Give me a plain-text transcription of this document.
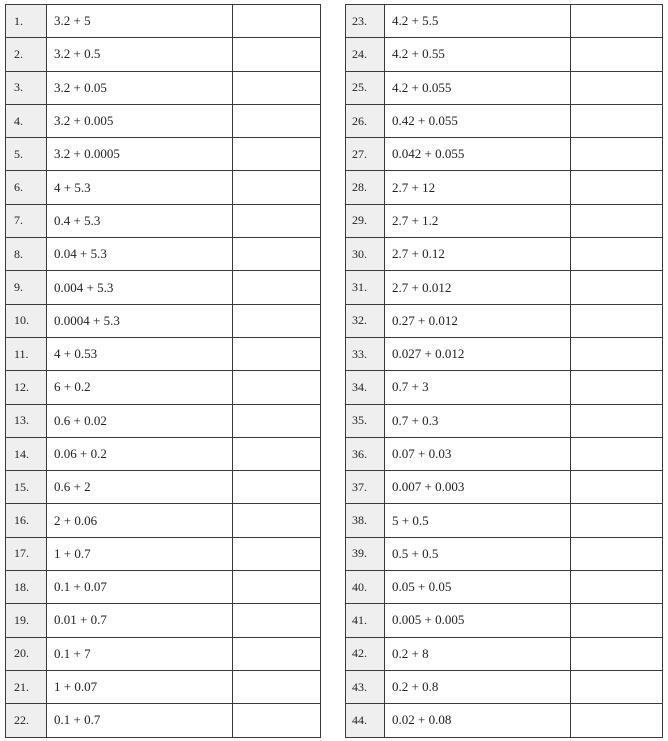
1.	3.2 + 5	
2.	3.2 + 0.5	
3.	3.2 + 0.05	
4.	3.2 + 0.005	
5.	3.2 + 0.0005	
6.	4 + 5.3	
7.	0.4 + 5.3	
8.	0.04 + 5.3	
9.	0.004 + 5.3	
10.	0.0004 + 5.3	
11.	4 + 0.53	
12.	6 + 0.2	
13.	0.6 + 0.02	
14.	0.06 + 0.2	
15.	0.6 + 2	
16.	2 + 0.06	
17.	1 + 0.7	
18.	0.1 + 0.07	
19.	0.01 + 0.7	
20.	0.1 + 7	
21.	1 + 0.07	
22.	0.1 + 0.7	
23.	4.2 + 5.5	
24.	4.2 + 0.55	
25.	4.2 + 0.055	
26.	0.42 + 0.055	
27.	0.042 + 0.055	
28.	2.7 + 12	
29.	2.7 + 1.2	
30.	2.7 + 0.12	
31.	2.7 + 0.012	
32.	0.27 + 0.012	
33.	0.027 + 0.012	
34.	0.7 + 3	
35.	0.7 + 0.3	
36.	0.07 + 0.03	
37.	0.007 + 0.003	
38.	5 + 0.5	
39.	0.5 + 0.5	
40.	0.05 + 0.05	
41.	0.005 + 0.005	
42.	0.2 + 8	
43.	0.2 + 0.8	
44.	0.02 + 0.08	
